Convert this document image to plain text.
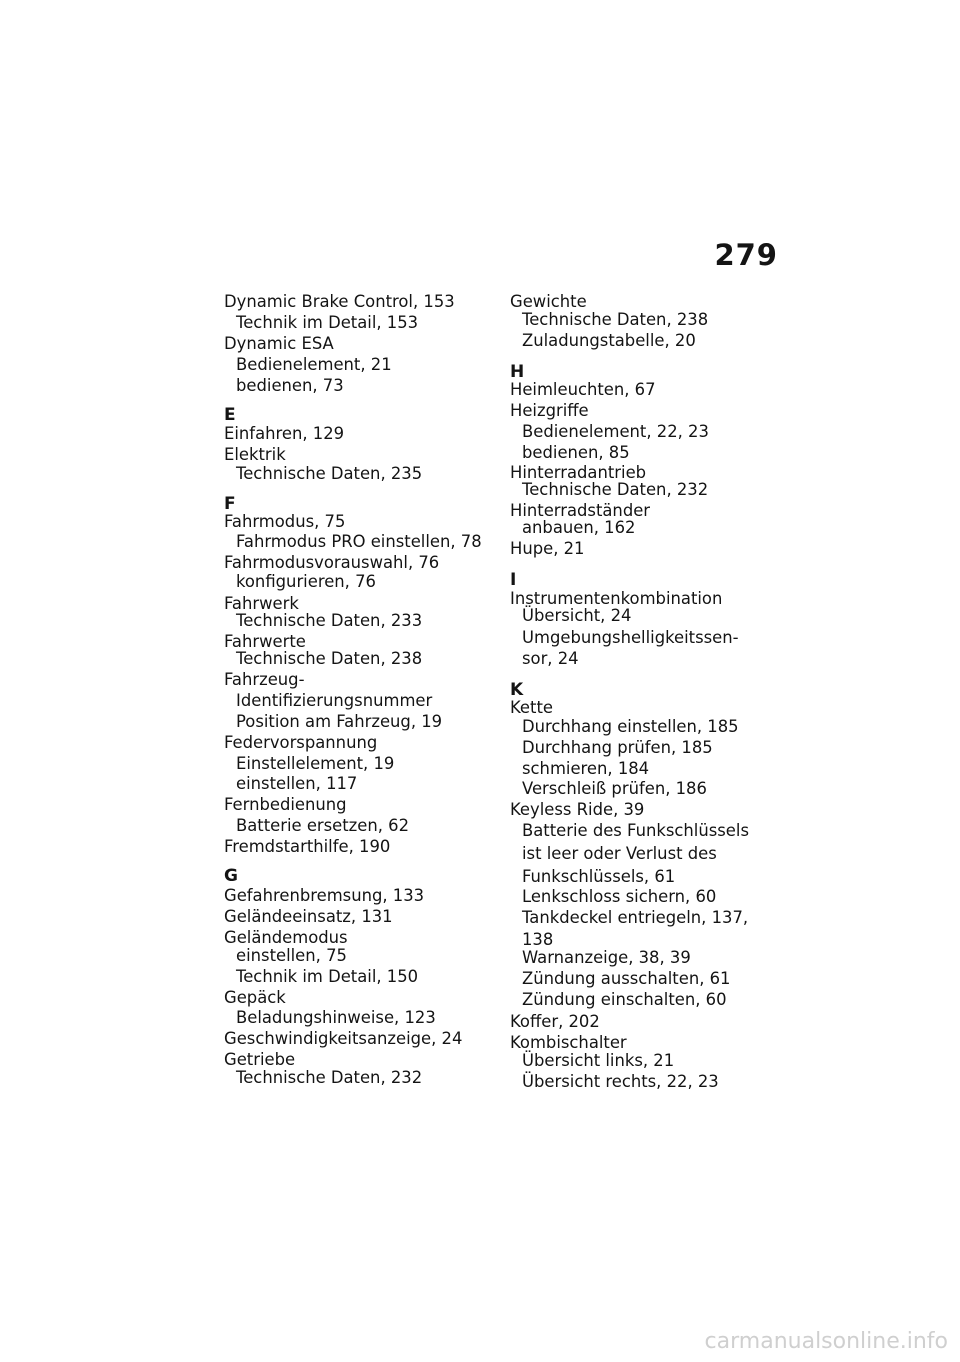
279
Dynamic Brake Control, 153
Technik im Detail, 153
Dynamic ESA
Bedienelement, 21
bedienen, 73
E
Einfahren, 129
Elektrik
Technische Daten, 235
F
Fahrmodus, 75
Fahrmodus PRO einstellen, 78
Fahrmodusvorauswahl, 76
konfigurieren, 76
Fahrwerk
Technische Daten, 233
Fahrwerte
Technische Daten, 238
Fahrzeug-
Identifizierungsnummer
Position am Fahrzeug, 19
Federvorspannung
Einstellelement, 19
einstellen, 117
Fernbedienung
Batterie ersetzen, 62
Fremdstarthilfe, 190
G
Gefahrenbremsung, 133
Geländeeinsatz, 131
Geländemodus
einstellen, 75
Technik im Detail, 150
Gepäck
Beladungshinweise, 123
Geschwindigkeitsanzeige, 24
Getriebe
Technische Daten, 232
Gewichte
Technische Daten, 238
Zuladungstabelle, 20
H
Heimleuchten, 67
Heizgriffe
Bedienelement, 22, 23
bedienen, 85
Hinterradantrieb
Technische Daten, 232
Hinterradständer
anbauen, 162
Hupe, 21
I
Instrumentenkombination
Übersicht, 24
Umgebungshelligkeitssen-
sor, 24
K
Kette
Durchhang einstellen, 185
Durchhang prüfen, 185
schmieren, 184
Verschleiß prüfen, 186
Keyless Ride, 39
Batterie des Funkschlüssels
ist leer oder Verlust des
Funkschlüssels, 61
Lenkschloss sichern, 60
Tankdeckel entriegeln, 137,
138
Warnanzeige, 38, 39
Zündung ausschalten, 61
Zündung einschalten, 60
Koffer, 202
Kombischalter
Übersicht links, 21
Übersicht rechts, 22, 23
carmanualsonline.info
